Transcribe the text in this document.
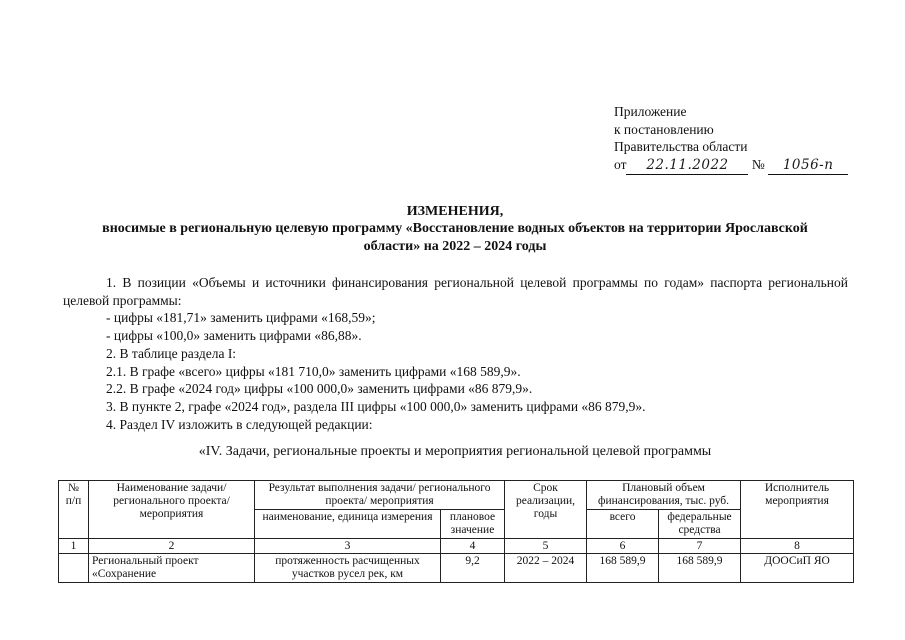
Приложение
к постановлению
Правительства области
от 22.11.2022 № 1056-п
ИЗМЕНЕНИЯ,
вносимые в региональную целевую программу «Восстановление водных объектов на территории Ярославской
области» на 2022 – 2024 годы

1. В позиции «Объемы и источники финансирования региональной целевой программы по годам» паспорта региональной целевой программы:

- цифры «181,71» заменить цифрами «168,59»;

- цифры «100,0» заменить цифрами «86,88».

2. В таблице раздела I:

2.1. В графе «всего» цифры «181 710,0» заменить цифрами «168 589,9».

2.2. В графе «2024 год» цифры «100 000,0» заменить цифрами «86 879,9».

3. В пункте 2, графе «2024 год», раздела III цифры «100 000,0» заменить цифрами «86 879,9».

4. Раздел IV изложить в следующей редакции:

«IV. Задачи, региональные проекты и мероприятия региональной целевой программы
№ п/п	Наименование задачи/ регионального проекта/ мероприятия	Результат выполнения задачи/ регионального проекта/ мероприятия		Срок реализации, годы	Плановый объем финансирования, тыс. руб.		Исполнитель мероприятия
		наименование, единица измерения	плановое значение		всего	федеральные средства	
1	2	3	4	5	6	7	8
	Региональный проект «Сохранение	протяженность расчищенных участков русел рек, км	9,2	2022 – 2024	168 589,9	168 589,9	ДООСиП ЯО
